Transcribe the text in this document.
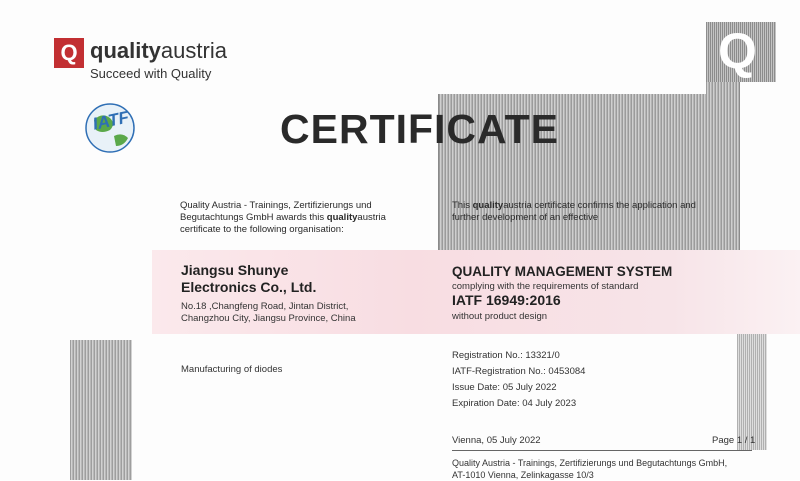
Q
Q qualityaustria
Succeed with Quality
IATF	CERTIFICATE
Quality Austria - Trainings, Zertifizierungs und Begutachtungs GmbH awards this qualityaustria certificate to the following organisation:
This qualityaustria certificate confirms the application and further development of an effective
Jiangsu Shunye
Electronics Co., Ltd.
No.18 ,Changfeng Road, Jintan District,
Changzhou City, Jiangsu Province, China
QUALITY MANAGEMENT SYSTEM
complying with the requirements of standard
IATF 16949:2016
without product design
Manufacturing of diodes
Registration No.: 13321/0
IATF-Registration No.: 0453084
Issue Date: 05 July 2022
Expiration Date: 04 July 2023
Vienna, 05 July 2022	Page 1 / 1
Quality Austria - Trainings, Zertifizierungs und Begutachtungs GmbH,
AT-1010 Vienna, Zelinkagasse 10/3
